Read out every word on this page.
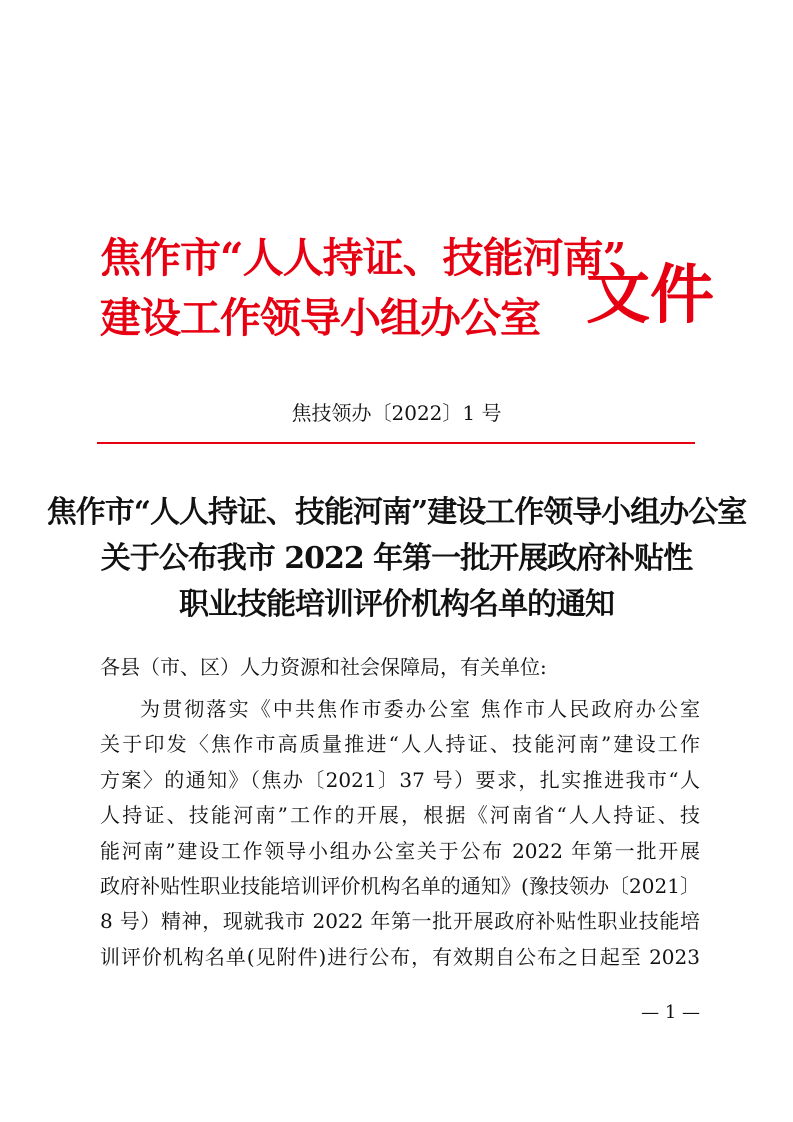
焦作市“人人持证、技能河南”
建设工作领导小组办公室 文件
焦技领办〔2022〕1 号
焦作市“人人持证、技能河南”建设工作领导小组办公室
关于公布我市 2022 年第一批开展政府补贴性
职业技能培训评价机构名单的通知
各县（市、区）人力资源和社会保障局，有关单位:
为贯彻落实《中共焦作市委办公室 焦作市人民政府办公室
关于印发〈焦作市高质量推进“人人持证、技能河南”建设工作
方案〉的通知》（焦办〔2021〕37 号）要求，扎实推进我市“人
人持证、技能河南”工作的开展，根据《河南省“人人持证、技
能河南”建设工作领导小组办公室关于公布 2022 年第一批开展
政府补贴性职业技能培训评价机构名单的通知》(豫技领办〔2021〕
8 号）精神，现就我市 2022 年第一批开展政府补贴性职业技能培
训评价机构名单(见附件)进行公布，有效期自公布之日起至 2023
— 1 —
